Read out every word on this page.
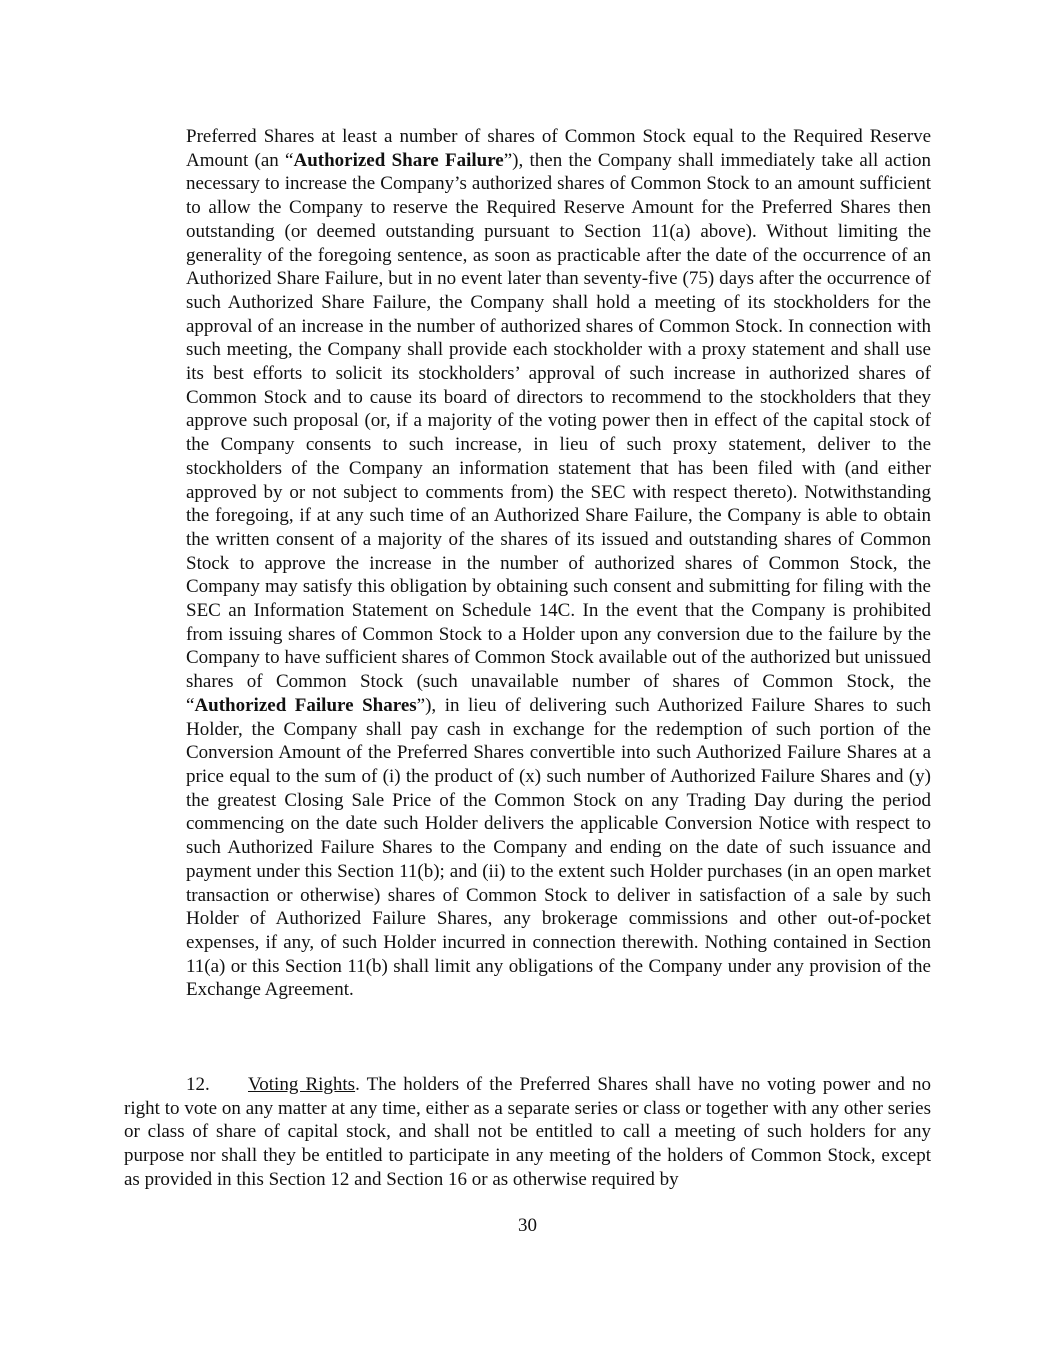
Preferred Shares at least a number of shares of Common Stock equal to the Required Reserve Amount (an “Authorized Share Failure”), then the Company shall immediately take all action necessary to increase the Company’s authorized shares of Common Stock to an amount sufficient to allow the Company to reserve the Required Reserve Amount for the Preferred Shares then outstanding (or deemed outstanding pursuant to Section 11(a) above). Without limiting the generality of the foregoing sentence, as soon as practicable after the date of the occurrence of an Authorized Share Failure, but in no event later than seventy-five (75) days after the occurrence of such Authorized Share Failure, the Company shall hold a meeting of its stockholders for the approval of an increase in the number of authorized shares of Common Stock. In connection with such meeting, the Company shall provide each stockholder with a proxy statement and shall use its best efforts to solicit its stockholders’ approval of such increase in authorized shares of Common Stock and to cause its board of directors to recommend to the stockholders that they approve such proposal (or, if a majority of the voting power then in effect of the capital stock of the Company consents to such increase, in lieu of such proxy statement, deliver to the stockholders of the Company an information statement that has been filed with (and either approved by or not subject to comments from) the SEC with respect thereto). Notwithstanding the foregoing, if at any such time of an Authorized Share Failure, the Company is able to obtain the written consent of a majority of the shares of its issued and outstanding shares of Common Stock to approve the increase in the number of authorized shares of Common Stock, the Company may satisfy this obligation by obtaining such consent and submitting for filing with the SEC an Information Statement on Schedule 14C. In the event that the Company is prohibited from issuing shares of Common Stock to a Holder upon any conversion due to the failure by the Company to have sufficient shares of Common Stock available out of the authorized but unissued shares of Common Stock (such unavailable number of shares of Common Stock, the “Authorized Failure Shares”), in lieu of delivering such Authorized Failure Shares to such Holder, the Company shall pay cash in exchange for the redemption of such portion of the Conversion Amount of the Preferred Shares convertible into such Authorized Failure Shares at a price equal to the sum of (i) the product of (x) such number of Authorized Failure Shares and (y) the greatest Closing Sale Price of the Common Stock on any Trading Day during the period commencing on the date such Holder delivers the applicable Conversion Notice with respect to such Authorized Failure Shares to the Company and ending on the date of such issuance and payment under this Section 11(b); and (ii) to the extent such Holder purchases (in an open market transaction or otherwise) shares of Common Stock to deliver in satisfaction of a sale by such Holder of Authorized Failure Shares, any brokerage commissions and other out-of-pocket expenses, if any, of such Holder incurred in connection therewith. Nothing contained in Section 11(a) or this Section 11(b) shall limit any obligations of the Company under any provision of the Exchange Agreement.

12. Voting Rights. The holders of the Preferred Shares shall have no voting power and no right to vote on any matter at any time, either as a separate series or class or together with any other series or class of share of capital stock, and shall not be entitled to call a meeting of such holders for any purpose nor shall they be entitled to participate in any meeting of the holders of Common Stock, except as provided in this Section 12 and Section 16 or as otherwise required by

30
